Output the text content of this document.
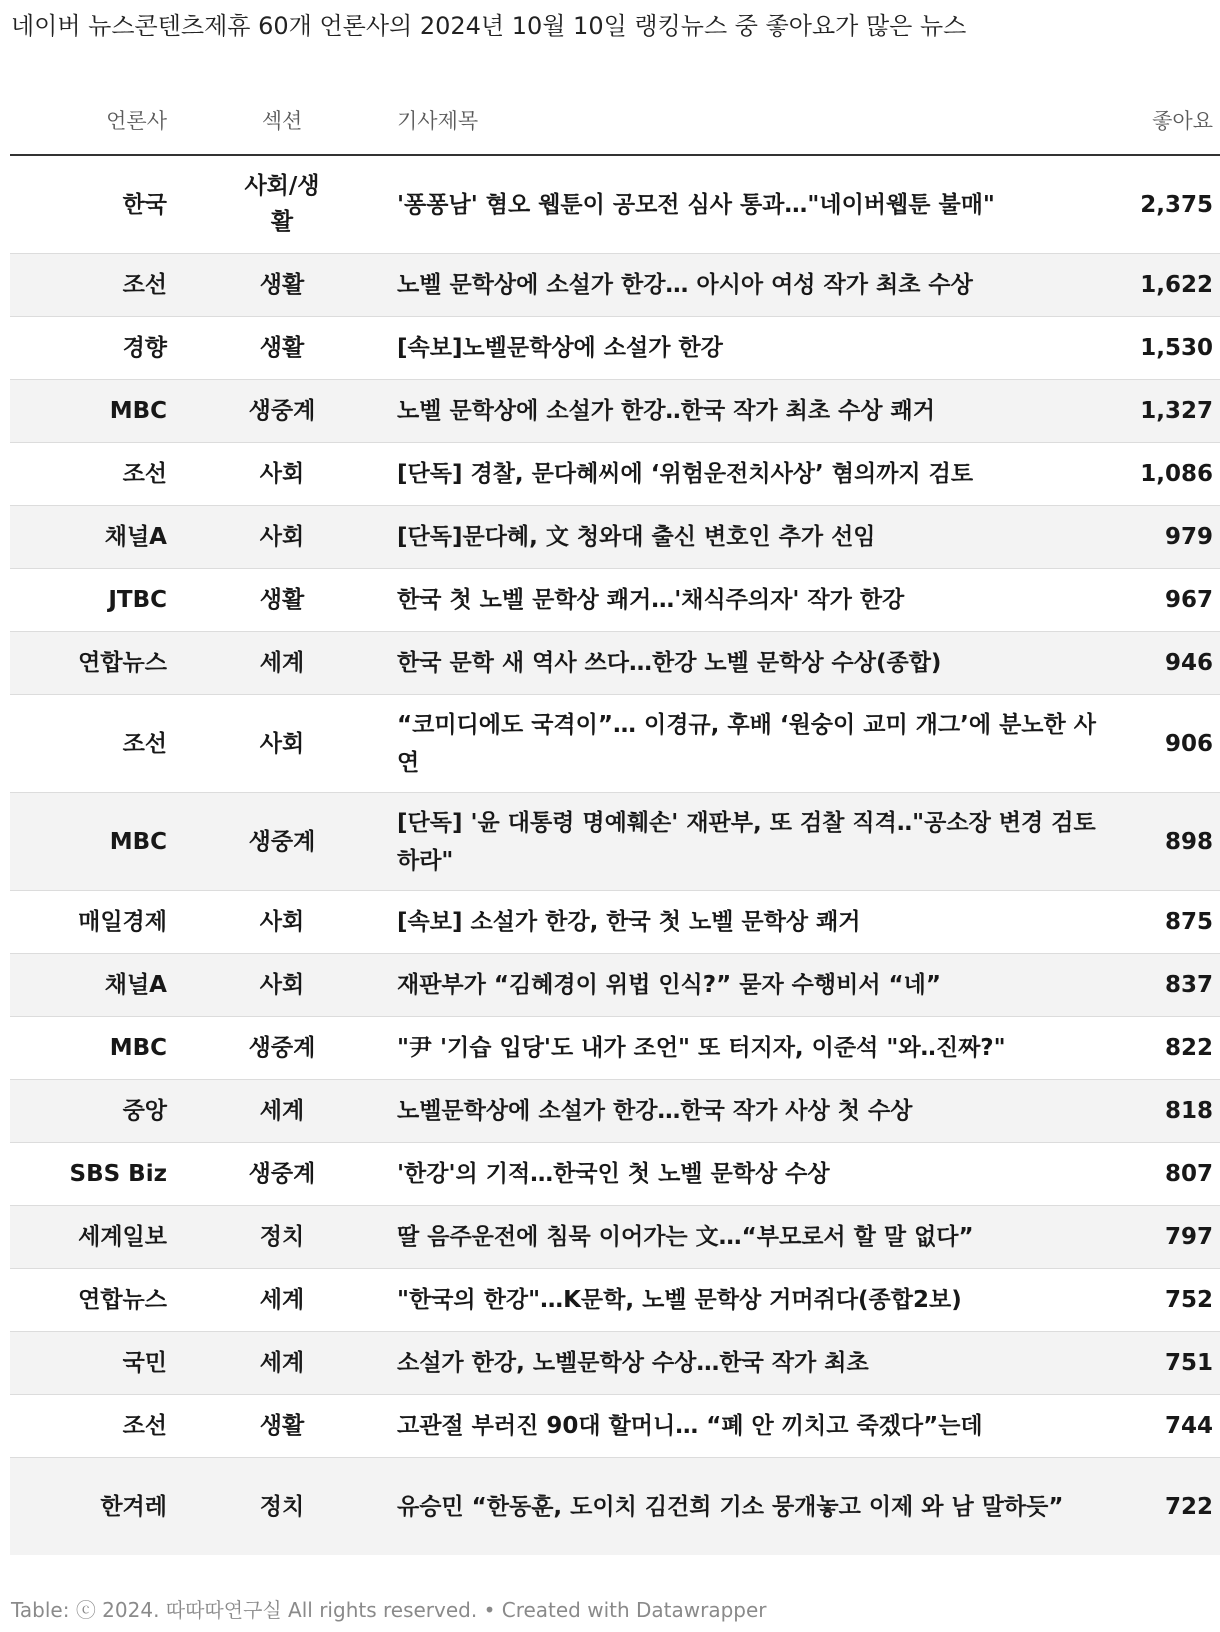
네이버 뉴스콘텐츠제휴 60개 언론사의 2024년 10월 10일 랭킹뉴스 중 좋아요가 많은 뉴스
언론사	섹션	기사제목	좋아요
한국	사회/생활	'퐁퐁남' 혐오 웹툰이 공모전 심사 통과…"네이버웹툰 불매"	2,375
조선	생활	노벨 문학상에 소설가 한강… 아시아 여성 작가 최초 수상	1,622
경향	생활	[속보]노벨문학상에 소설가 한강	1,530
MBC	생중계	노벨 문학상에 소설가 한강‥한국 작가 최초 수상 쾌거	1,327
조선	사회	[단독] 경찰, 문다혜씨에 ‘위험운전치사상’ 혐의까지 검토	1,086
채널A	사회	[단독]문다혜, 文 청와대 출신 변호인 추가 선임	979
JTBC	생활	한국 첫 노벨 문학상 쾌거…'채식주의자' 작가 한강	967
연합뉴스	세계	한국 문학 새 역사 쓰다…한강 노벨 문학상 수상(종합)	946
조선	사회	“코미디에도 국격이”… 이경규, 후배 ‘원숭이 교미 개그’에 분노한 사연	906
MBC	생중계	[단독] '윤 대통령 명예훼손' 재판부, 또 검찰 직격‥"공소장 변경 검토하라"	898
매일경제	사회	[속보] 소설가 한강, 한국 첫 노벨 문학상 쾌거	875
채널A	사회	재판부가 “김혜경이 위법 인식?” 묻자 수행비서 “네”	837
MBC	생중계	"尹 '기습 입당'도 내가 조언" 또 터지자, 이준석 "와‥진짜?"	822
중앙	세계	노벨문학상에 소설가 한강…한국 작가 사상 첫 수상	818
SBS Biz	생중계	'한강'의 기적…한국인 첫 노벨 문학상 수상	807
세계일보	정치	딸 음주운전에 침묵 이어가는 文…“부모로서 할 말 없다”	797
연합뉴스	세계	"한국의 한강"…K문학, 노벨 문학상 거머쥐다(종합2보)	752
국민	세계	소설가 한강, 노벨문학상 수상…한국 작가 최초	751
조선	생활	고관절 부러진 90대 할머니… “폐 안 끼치고 죽겠다”는데	744
한겨레	정치	유승민 “한동훈, 도이치 김건희 기소 뭉개놓고 이제 와 남 말하듯”	722
Table: ⓒ 2024. 따따따연구실 All rights reserved. • Created with Datawrapper
